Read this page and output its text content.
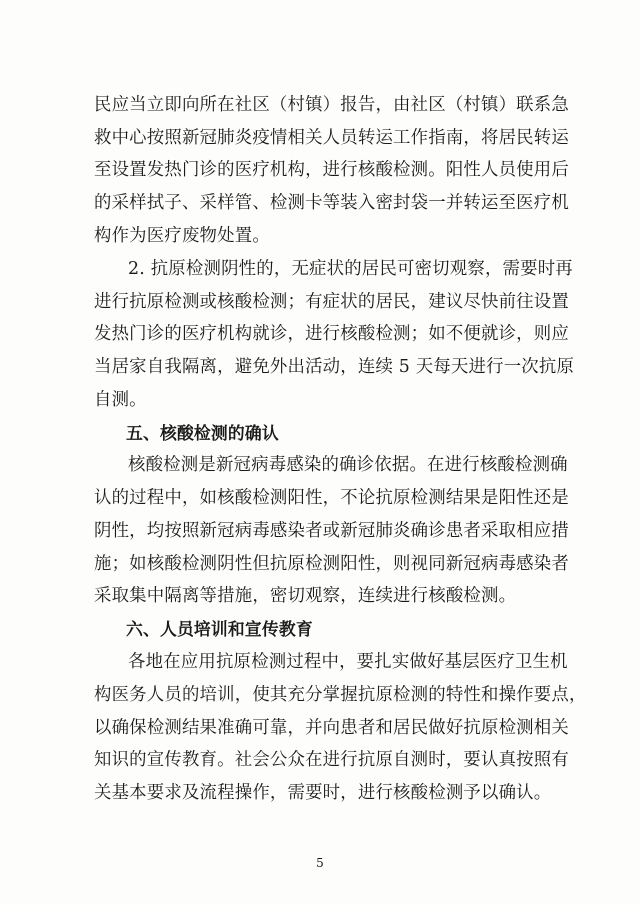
民应当立即向所在社区（村镇）报告，由社区（村镇）联系急
救中心按照新冠肺炎疫情相关人员转运工作指南，将居民转运
至设置发热门诊的医疗机构，进行核酸检测。阳性人员使用后
的采样拭子、采样管、检测卡等装入密封袋一并转运至医疗机
构作为医疗废物处置。
2. 抗原检测阴性的，无症状的居民可密切观察，需要时再
进行抗原检测或核酸检测；有症状的居民，建议尽快前往设置
发热门诊的医疗机构就诊，进行核酸检测；如不便就诊，则应
当居家自我隔离，避免外出活动，连续 5 天每天进行一次抗原
自测。
五、核酸检测的确认
核酸检测是新冠病毒感染的确诊依据。在进行核酸检测确
认的过程中，如核酸检测阳性，不论抗原检测结果是阳性还是
阴性，均按照新冠病毒感染者或新冠肺炎确诊患者采取相应措
施；如核酸检测阴性但抗原检测阳性，则视同新冠病毒感染者
采取集中隔离等措施，密切观察，连续进行核酸检测。
六、人员培训和宣传教育
各地在应用抗原检测过程中，要扎实做好基层医疗卫生机
构医务人员的培训，使其充分掌握抗原检测的特性和操作要点，
以确保检测结果准确可靠，并向患者和居民做好抗原检测相关
知识的宣传教育。社会公众在进行抗原自测时，要认真按照有
关基本要求及流程操作，需要时，进行核酸检测予以确认。
5
